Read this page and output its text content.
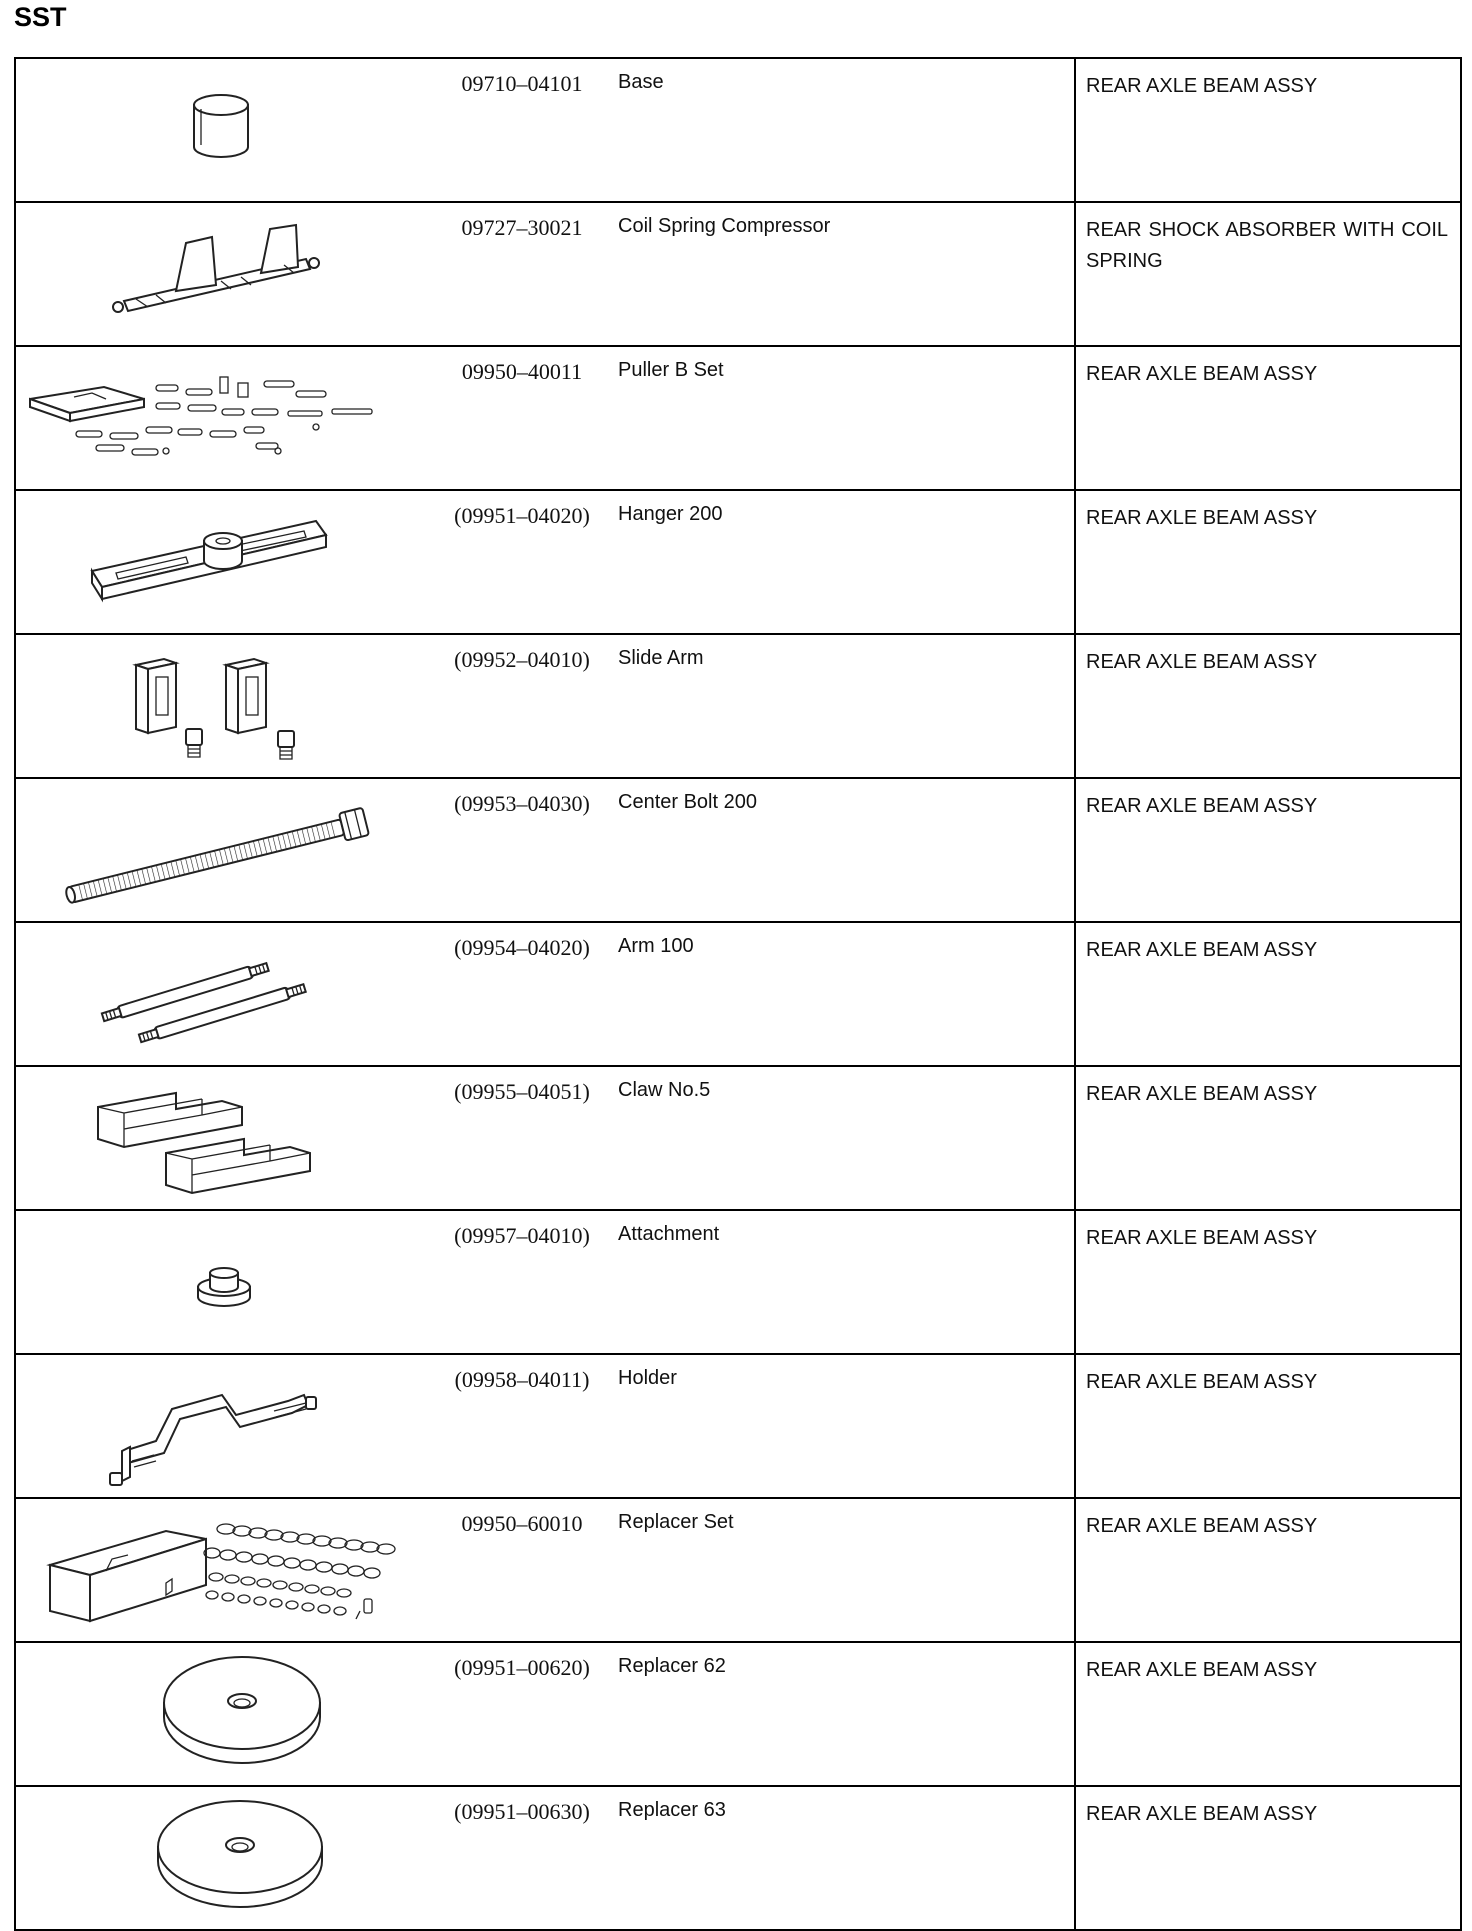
SST
09710–04101 Base	REAR AXLE BEAM ASSY

09727–30021 Coil Spring Compressor	REAR SHOCK ABSORBER WITH COIL SPRING

09950–40011 Puller B Set	REAR AXLE BEAM ASSY

(09951–04020) Hanger 200	REAR AXLE BEAM ASSY

(09952–04010) Slide Arm	REAR AXLE BEAM ASSY

(09953–04030) Center Bolt 200	REAR AXLE BEAM ASSY

(09954–04020) Arm 100	REAR AXLE BEAM ASSY

(09955–04051) Claw No.5	REAR AXLE BEAM ASSY

(09957–04010) Attachment	REAR AXLE BEAM ASSY

(09958–04011) Holder	REAR AXLE BEAM ASSY

09950–60010 Replacer Set	REAR AXLE BEAM ASSY

(09951–00620) Replacer 62	REAR AXLE BEAM ASSY

(09951–00630) Replacer 63	REAR AXLE BEAM ASSY
